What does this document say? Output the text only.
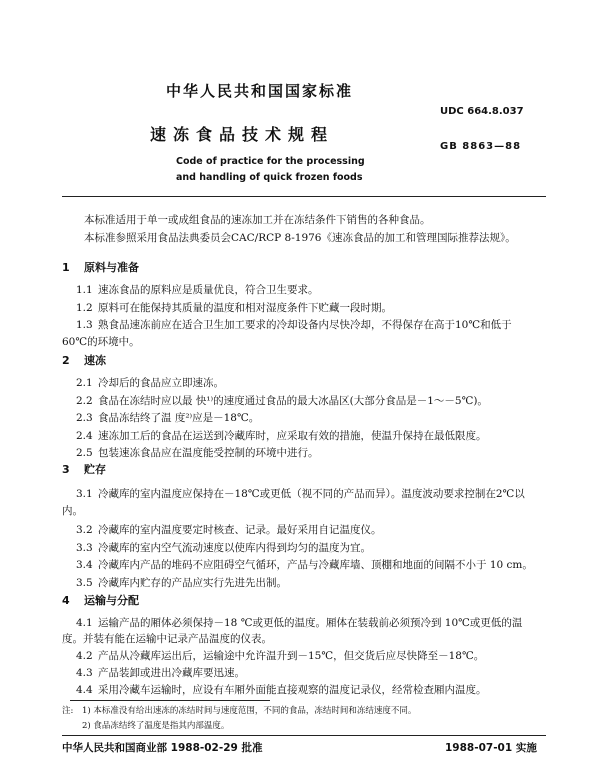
中华人民共和国国家标准
UDC 664.8.037
速冻食品技术规程
GB 8863—88
Code of practice for the processing
and handling of quick frozen foods
本标准适用于单一或成组食品的速冻加工并在冻结条件下销售的各种食品。
本标准参照采用食品法典委员会CAC/RCP 8-1976《速冻食品的加工和管理国际推荐法规》。
1 原料与准备
1.1 速冻食品的原料应是质量优良，符合卫生要求。
1.2 原料可在能保持其质量的温度和相对湿度条件下贮藏一段时期。
1.3 熟食品速冻前应在适合卫生加工要求的冷却设备内尽快冷却，不得保存在高于10℃和低于
60℃的环境中。
2 速冻
2.1 冷却后的食品应立即速冻。
2.2 食品在冻结时应以最 快¹⁾的速度通过食品的最大冰晶区(大部分食品是－1～－5℃)。
2.3 食品冻结终了温 度²⁾应是－18℃。
2.4 速冻加工后的食品在运送到冷藏库时，应采取有效的措施，使温升保持在最低限度。
2.5 包装速冻食品应在温度能受控制的环境中进行。
3 贮存
3.1 冷藏库的室内温度应保持在－18℃或更低（视不同的产品而异）。温度波动要求控制在2℃以
内。
3.2 冷藏库的室内温度要定时核查、记录。最好采用自记温度仪。
3.3 冷藏库的室内空气流动速度以使库内得到均匀的温度为宜。
3.4 冷藏库内产品的堆码不应阻碍空气循环，产品与冷藏库墙、顶棚和地面的间隔不小于 10 cm。
3.5 冷藏库内贮存的产品应实行先进先出制。
4 运输与分配
4.1 运输产品的厢体必须保持－18 ℃或更低的温度。厢体在装载前必须预冷到 10℃或更低的温
度。并装有能在运输中记录产品温度的仪表。
4.2 产品从冷藏库运出后，运输途中允许温升到－15℃，但交货后应尽快降至－18℃。
4.3 产品装卸或进出冷藏库要迅速。
4.4 采用冷藏车运输时，应设有车厢外面能直接观察的温度记录仪，经常检查厢内温度。
注: 1) 本标准没有给出速冻的冻结时间与速度范围，不同的食品，冻结时间和冻结速度不同。
2) 食品冻结终了温度是指其内部温度。
中华人民共和国商业部 1988-02-29 批准	1988-07-01 实施
